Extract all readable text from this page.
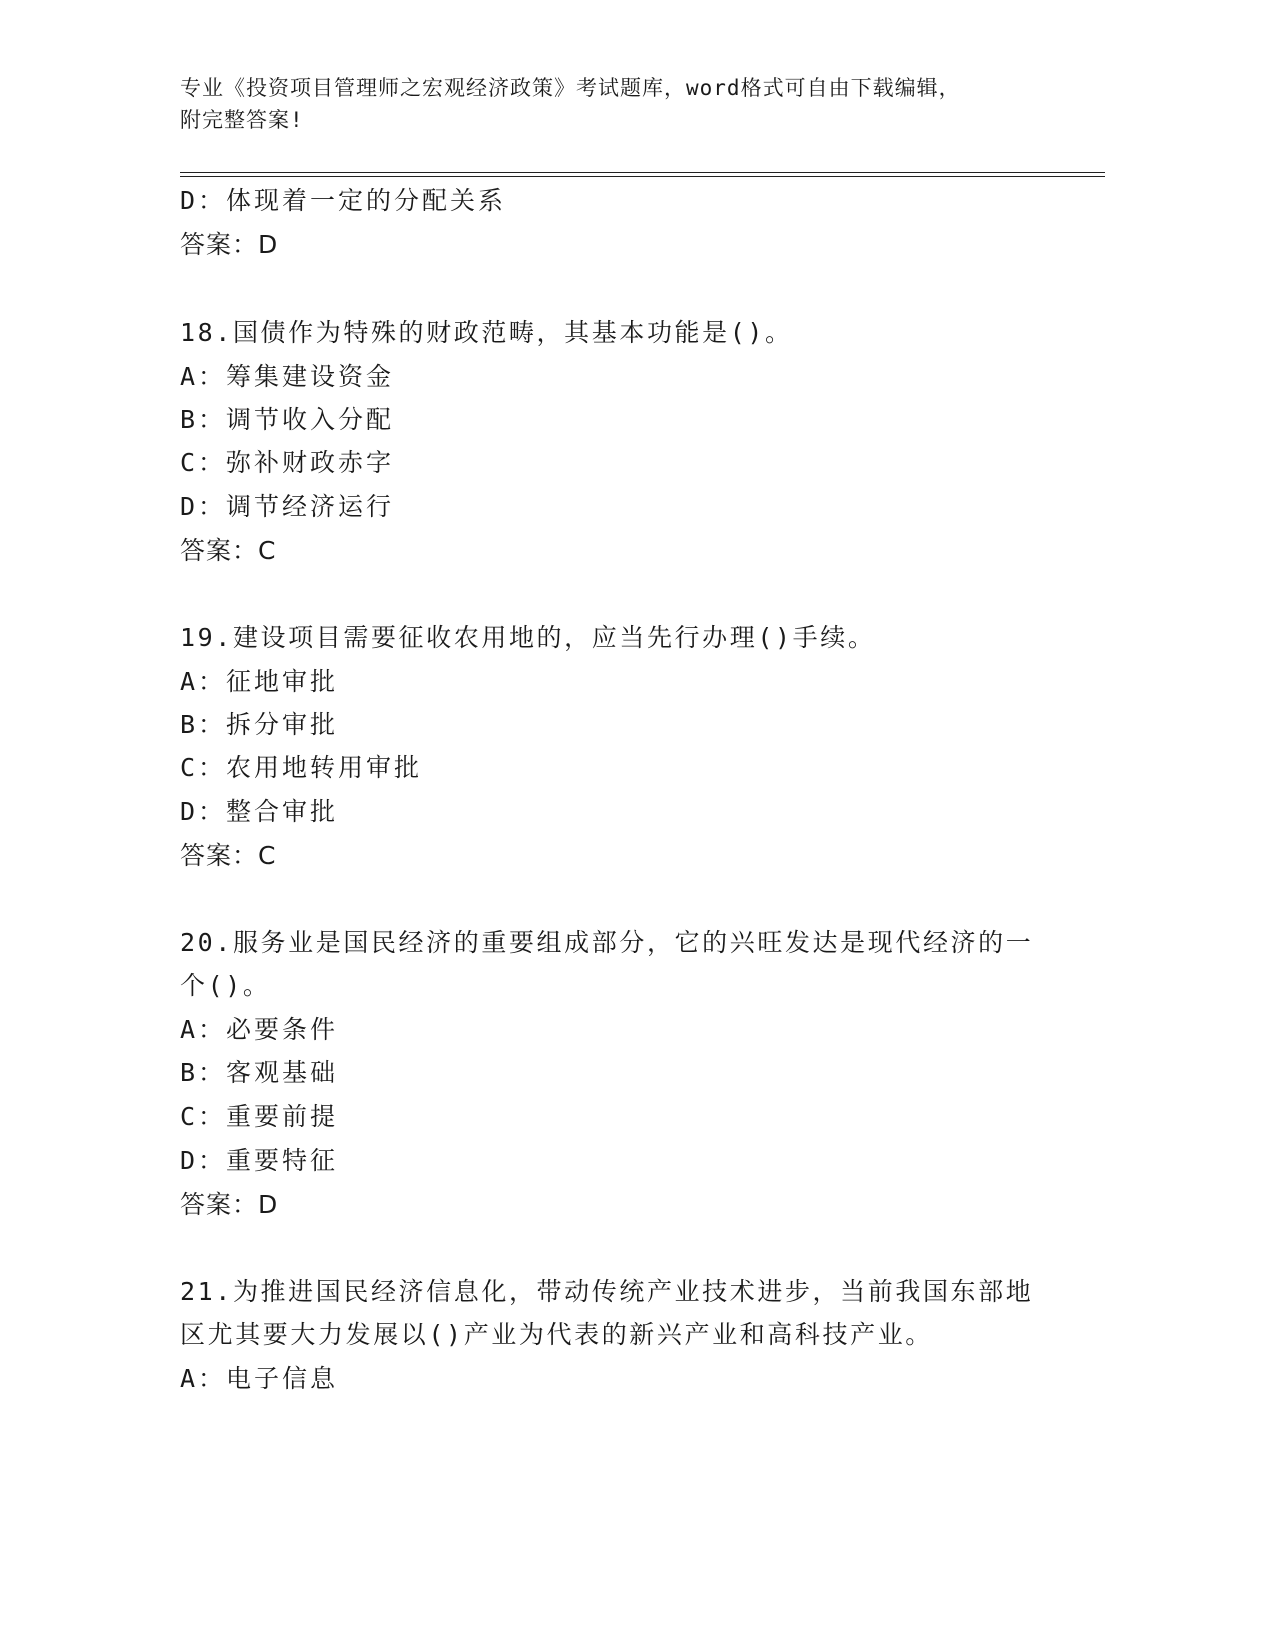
专业《投资项目管理师之宏观经济政策》考试题库，word格式可自由下载编辑，
附完整答案!
D：体现着一定的分配关系
答案：D
18.国债作为特殊的财政范畴，其基本功能是()。
A：筹集建设资金
B：调节收入分配
C：弥补财政赤字
D：调节经济运行
答案：C
19.建设项目需要征收农用地的，应当先行办理()手续。
A：征地审批
B：拆分审批
C：农用地转用审批
D：整合审批
答案：C
20.服务业是国民经济的重要组成部分，它的兴旺发达是现代经济的一
个()。
A：必要条件
B：客观基础
C：重要前提
D：重要特征
答案：D
21.为推进国民经济信息化，带动传统产业技术进步，当前我国东部地
区尤其要大力发展以()产业为代表的新兴产业和高科技产业。
A：电子信息
